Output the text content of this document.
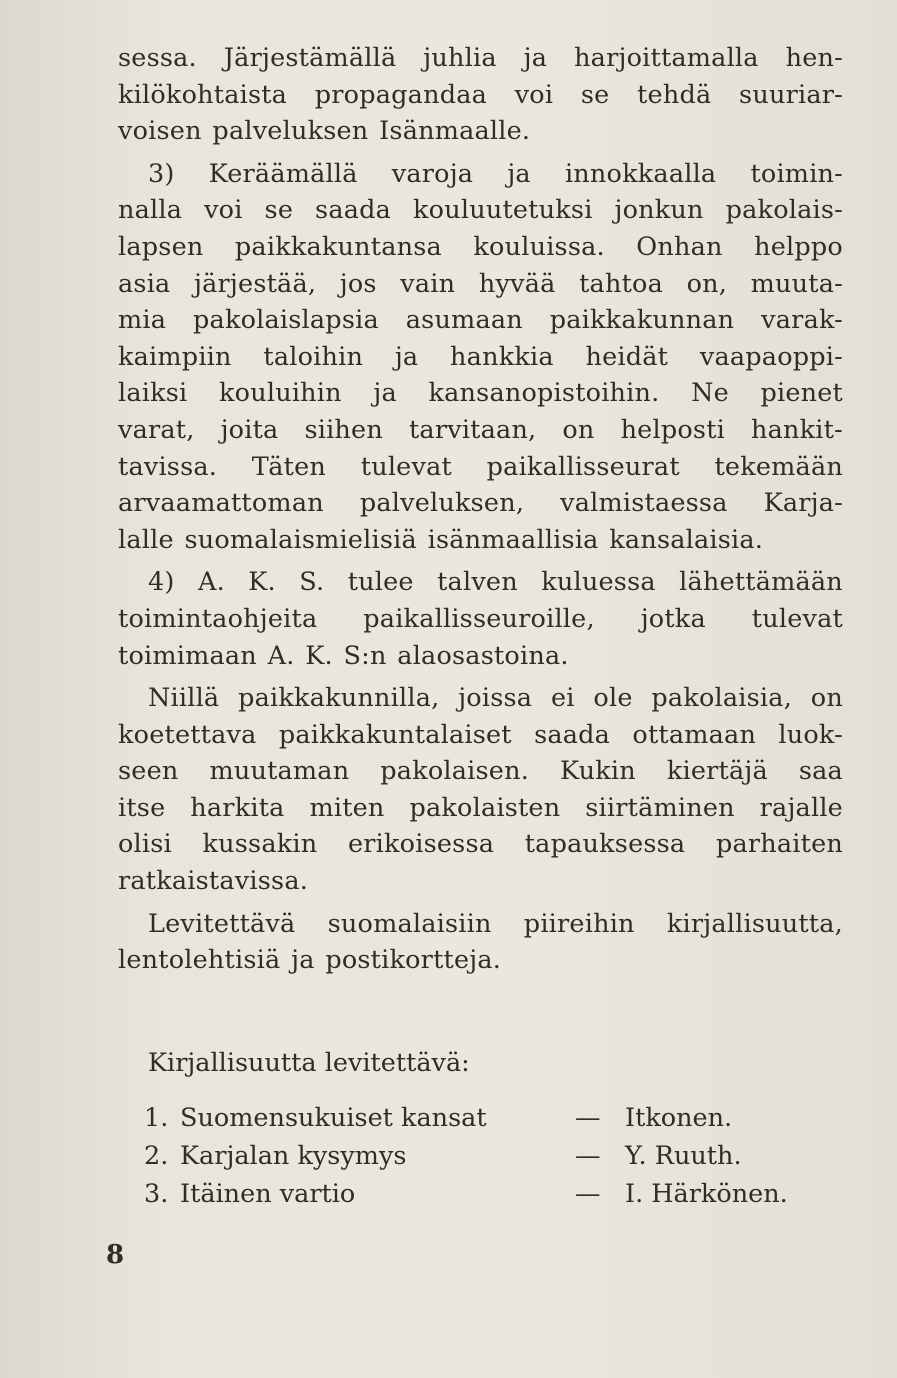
sessa. Järjestämällä juhlia ja harjoittamalla hen-
kilökohtaista propagandaa voi se tehdä suuriar-
voisen palveluksen Isänmaalle.
3) Keräämällä varoja ja innokkaalla toimin-
nalla voi se saada kouluutetuksi jonkun pakolais-
lapsen paikkakuntansa kouluissa. Onhan helppo
asia järjestää, jos vain hyvää tahtoa on, muuta-
mia pakolaislapsia asumaan paikkakunnan varak-
kaimpiin taloihin ja hankkia heidät vaapaoppi-
laiksi kouluihin ja kansanopistoihin. Ne pienet
varat, joita siihen tarvitaan, on helposti hankit-
tavissa. Täten tulevat paikallisseurat tekemään
arvaamattoman palveluksen, valmistaessa Karja-
lalle suomalaismielisiä isänmaallisia kansalaisia.
4) A. K. S. tulee talven kuluessa lähettämään
toimintaohjeita paikallisseuroille, jotka tulevat
toimimaan A. K. S:n alaosastoina.
Niillä paikkakunnilla, joissa ei ole pakolaisia, on
koetettava paikkakuntalaiset saada ottamaan luok-
seen muutaman pakolaisen. Kukin kiertäjä saa
itse harkita miten pakolaisten siirtäminen rajalle
olisi kussakin erikoisessa tapauksessa parhaiten
ratkaistavissa.
Levitettävä suomalaisiin piireihin kirjallisuutta,
lentolehtisiä ja postikortteja.
Kirjallisuutta levitettävä:
1. Suomensukuiset kansat	— Itkonen.
2. Karjalan kysymys	— Y. Ruuth.
3. Itäinen vartio	— I. Härkönen.
8
